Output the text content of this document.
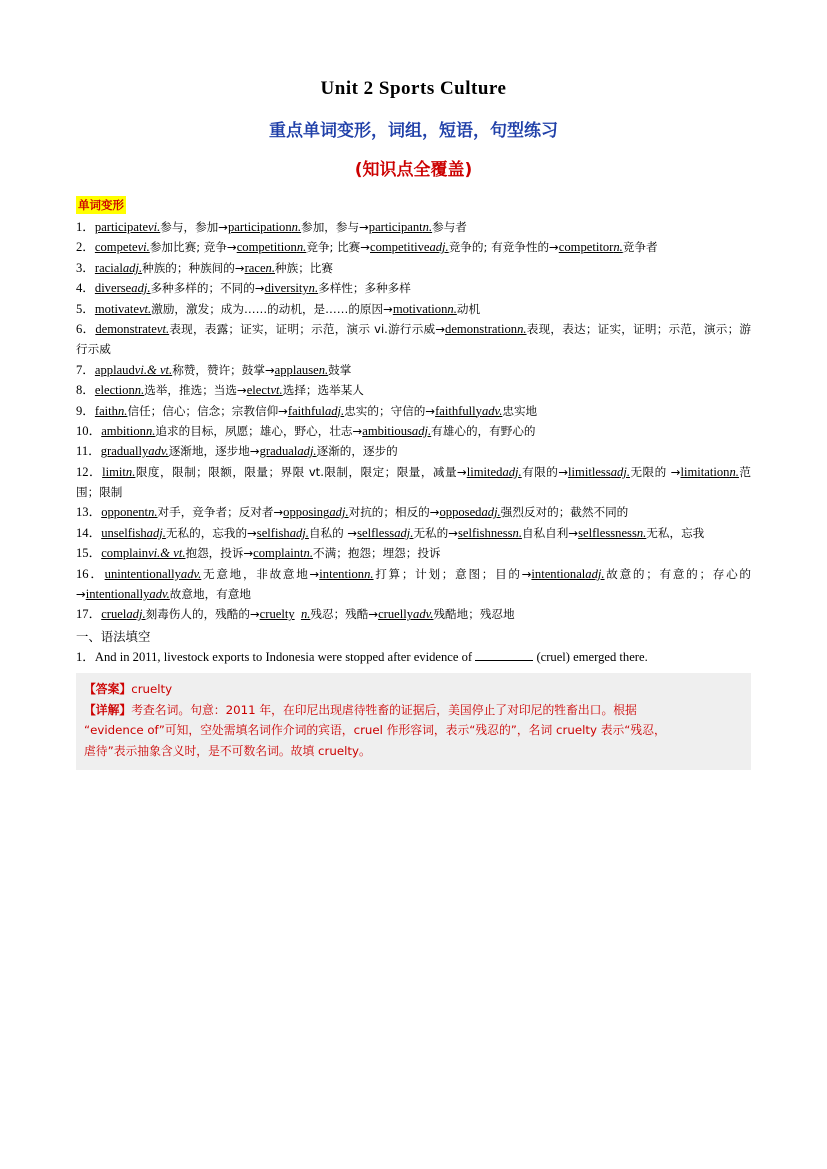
Unit 2 Sports Culture
重点单词变形，词组，短语，句型练习
(知识点全覆盖)
单词变形
1．participatevi.参与，参加→participationn.参加，参与→participantn.参与者
2．competevi.参加比赛; 竞争→competitionn.竞争; 比赛→competitiveadj.竞争的; 有竞争性的→competitorn.竞争者
3．racialadj.种族的；种族间的→racen.种族；比赛
4．diverseadj.多种多样的；不同的→diversityn.多样性；多种多样
5．motivatevt.激励，激发；成为……的动机，是……的原因→motivationn.动机
6．demonstratevt.表现，表露；证实，证明；示范，演示 vi.游行示威→demonstrationn.表现，表达；证实，证明；示范，演示；游行示威
7．applaudvi.& vt.称赞，赞许；鼓掌→applausen.鼓掌
8．electionn.选举，推选；当选→electvt.选择；选举某人
9．faithn.信任；信心；信念；宗教信仰→faithfuladj.忠实的；守信的→faithfullyadv.忠实地
10．ambitionn.追求的目标，夙愿；雄心，野心，壮志→ambitiousadj.有雄心的，有野心的
11．graduallyadv.逐渐地，逐步地→gradualadj.逐渐的，逐步的
12．limitn.限度，限制；限额，限量；界限 vt.限制，限定；限量，减量→limitedadj.有限的→limitlessadj.无限的 →limitationn.范围；限制
13．opponentn.对手，竞争者；反对者→opposingadj.对抗的；相反的→opposedadj.强烈反对的；截然不同的
14．unselfishadj.无私的，忘我的→selfishadj.自私的 →selflessadj.无私的→selfishnessn.自私自利→selflessnessn.无私，忘我
15．complainvi.& vt.抱怨，投诉→complaintn.不满；抱怨；埋怨；投诉
16．unintentionallyadv.无意地，非故意地→intentionn.打算；计划；意图；目的→intentionaladj.故意的；有意的；存心的→intentionallyadv.故意地，有意地
17．crueladj.刻毒伤人的，残酷的→cruelty n.残忍；残酷→cruellyadv.残酷地；残忍地
一、语法填空
1．And in 2011, livestock exports to Indonesia were stopped after evidence of	(cruel) emerged there.
【答案】cruelty
【详解】考查名词。句意：2011 年，在印尼出现虐待牲畜的证据后，美国停止了对印尼的牲畜出口。根据
“evidence of”可知，空处需填名词作介词的宾语，cruel 作形容词，表示“残忍的”，名词 cruelty 表示“残忍，
虐待”表示抽象含义时，是不可数名词。故填 cruelty。
